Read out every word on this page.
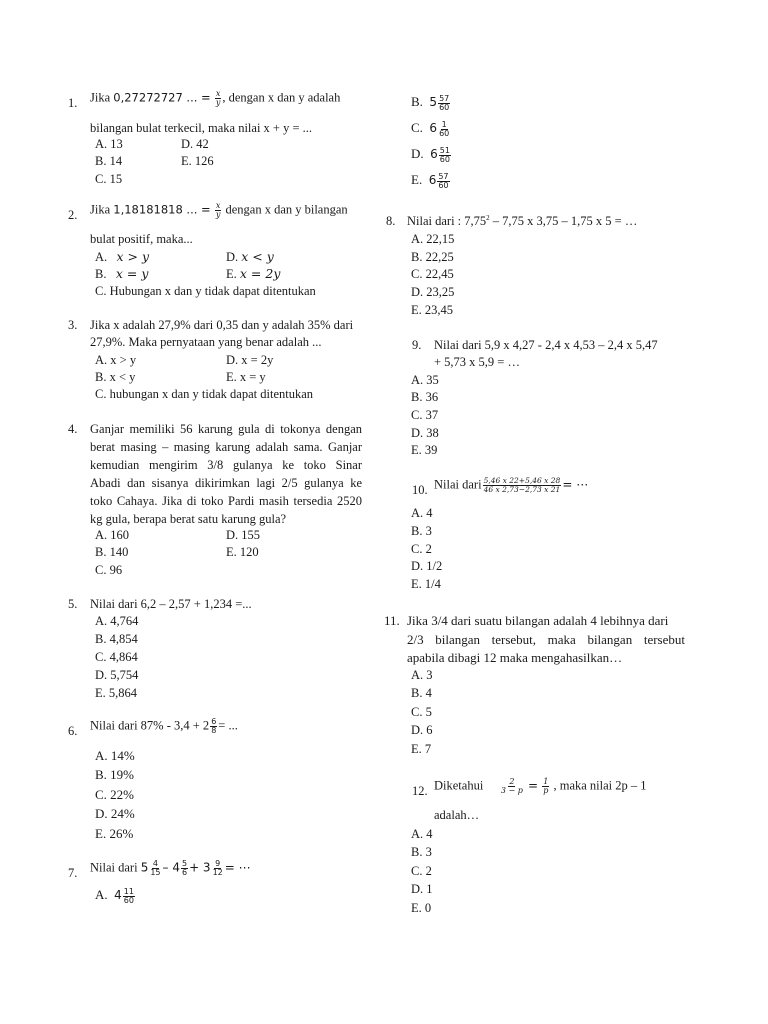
1. Jika 0,27272727 ... = $\frac{x}{y}$ , dengan x dan y adalah
bilangan bulat terkecil, maka nilai x + y = ...
A. 13	D. 42
B. 14	E. 126
C. 15
2. Jika 1,18181818 ... = $\frac{x}{y}$ dengan x dan y bilangan
bulat positif, maka...
A. x > y	D. x < y
B. x = y	E. x = 2y
C. Hubungan x dan y tidak dapat ditentukan
3. Jika x adalah 27,9% dari 0,35 dan y adalah 35% dari
27,9%. Maka pernyataan yang benar adalah ...
A. x > y	D. x = 2y
B. x < y	E. x = y
C. hubungan x dan y tidak dapat ditentukan
4. Ganjar memiliki 56 karung gula di tokonya dengan
berat masing – masing karung adalah sama. Ganjar
kemudian mengirim 3/8 gulanya ke toko Sinar
Abadi dan sisanya dikirimkan lagi 2/5 gulanya ke
toko Cahaya. Jika di toko Pardi masih tersedia 2520
kg gula, berapa berat satu karung gula?
A. 160	D. 155
B. 140	E. 120
C. 96
5. Nilai dari 6,2 – 2,57 + 1,234 =...
A. 4,764
B. 4,854
C. 4,864
D. 5,754
E. 5,864
6. Nilai dari $87\% - 3,4 + 2 \frac{6}{8}$ = ...
A. 14%
B. 19%
C. 22%
D. 24%
E. 26%
7. Nilai dari $5 \frac{4}{15} - 4 \frac{5}{6} + 3 \frac{9}{12}$ = ⋯
A. $4 \frac{11}{60}$
B. $5 \frac{57}{60}$
C. $6 \frac{1}{60}$
D. $6 \frac{51}{60}$
E. $6 \frac{57}{60}$
8. Nilai dari : 7,75$^2$ – 7,75 x 3,75 – 1,75 x 5 = …
A. 22,15
B. 22,25
C. 22,45
D. 23,25
E. 23,45
9. Nilai dari 5,9 x 4,27 - 2,4 x 4,53 – 2,4 x 5,47
+ 5,73 x 5,9 = …
A. 35
B. 36
C. 37
D. 38
E. 39
10. Nilai dari $\frac{5,46 x 22+5,46 x 28}{46 x 2,73-2,73 x 21}$ = ⋯
A. 4
B. 3
C. 2
D. 1/2
E. 1/4
11. Jika 3/4 dari suatu bilangan adalah 4 lebihnya dari
2/3 bilangan tersebut, maka bilangan tersebut
apabila dibagi 12 maka mengahasilkan…
A. 3
B. 4
C. 5
D. 6
E. 7
12. Diketahui $\frac{2}{3 - p} = \frac{1}{p}$ , maka nilai 2p – 1
adalah…
A. 4
B. 3
C. 2
D. 1
E. 0
